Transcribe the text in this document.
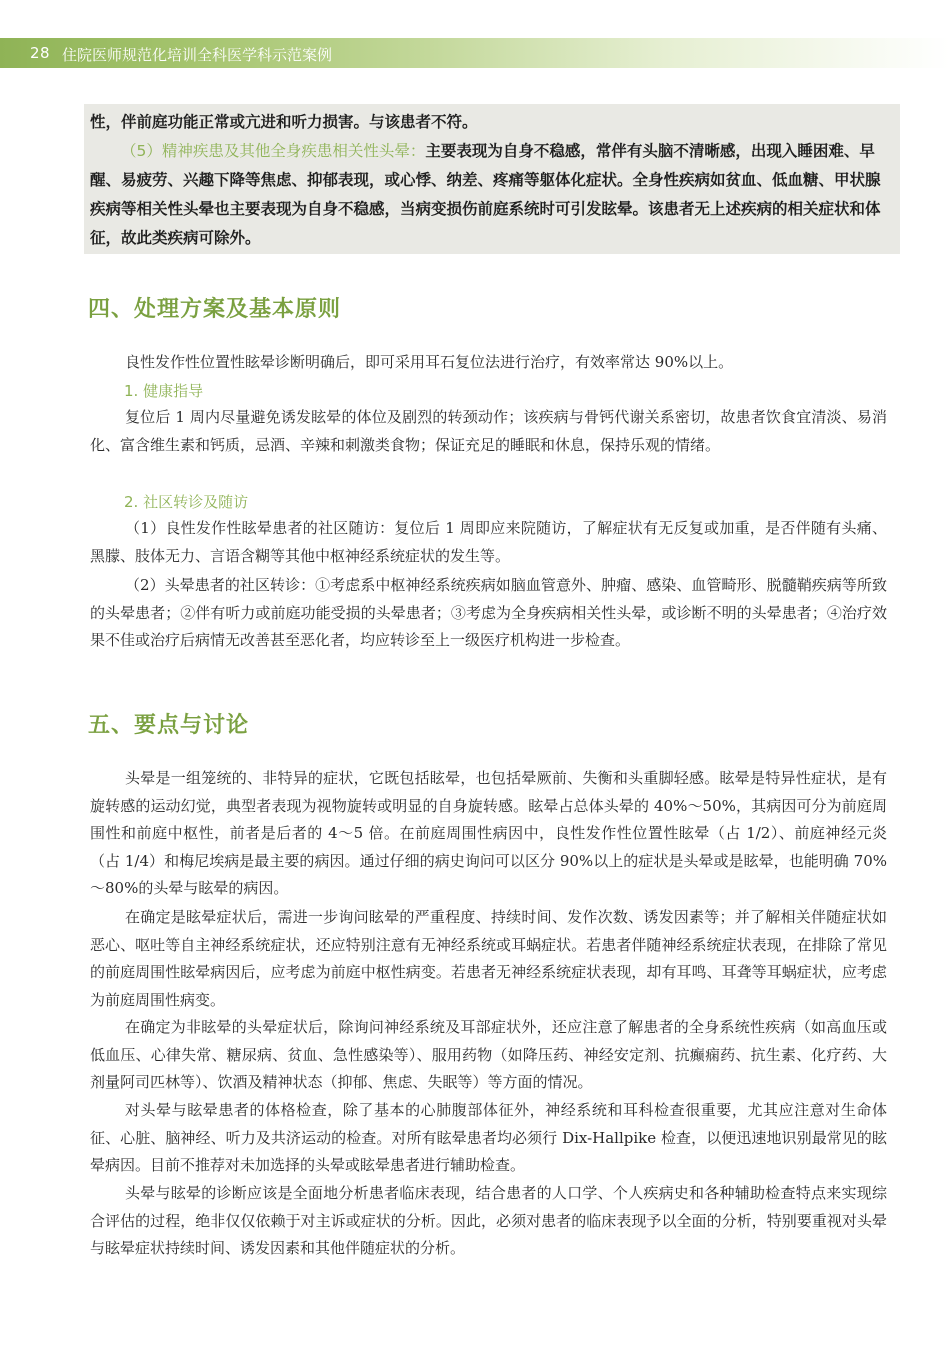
28 住院医师规范化培训全科医学科示范案例

性，伴前庭功能正常或亢进和听力损害。与该患者不符。

（5）精神疾患及其他全身疾患相关性头晕：主要表现为自身不稳感，常伴有头脑不清晰感，出现入睡困难、早醒、易疲劳、兴趣下降等焦虑、抑郁表现，或心悸、纳差、疼痛等躯体化症状。全身性疾病如贫血、低血糖、甲状腺疾病等相关性头晕也主要表现为自身不稳感，当病变损伤前庭系统时可引发眩晕。该患者无上述疾病的相关症状和体征，故此类疾病可除外。

四、处理方案及基本原则

良性发作性位置性眩晕诊断明确后，即可采用耳石复位法进行治疗，有效率常达 90%以上。

1. 健康指导

复位后 1 周内尽量避免诱发眩晕的体位及剧烈的转颈动作；该疾病与骨钙代谢关系密切，故患者饮食宜清淡、易消化、富含维生素和钙质，忌酒、辛辣和刺激类食物；保证充足的睡眠和休息，保持乐观的情绪。

2. 社区转诊及随访

（1）良性发作性眩晕患者的社区随访：复位后 1 周即应来院随访，了解症状有无反复或加重，是否伴随有头痛、黑朦、肢体无力、言语含糊等其他中枢神经系统症状的发生等。

（2）头晕患者的社区转诊：①考虑系中枢神经系统疾病如脑血管意外、肿瘤、感染、血管畸形、脱髓鞘疾病等所致的头晕患者；②伴有听力或前庭功能受损的头晕患者；③考虑为全身疾病相关性头晕，或诊断不明的头晕患者；④治疗效果不佳或治疗后病情无改善甚至恶化者，均应转诊至上一级医疗机构进一步检查。

五、要点与讨论

头晕是一组笼统的、非特异的症状，它既包括眩晕，也包括晕厥前、失衡和头重脚轻感。眩晕是特异性症状，是有旋转感的运动幻觉，典型者表现为视物旋转或明显的自身旋转感。眩晕占总体头晕的 40%～50%，其病因可分为前庭周围性和前庭中枢性，前者是后者的 4～5 倍。在前庭周围性病因中，良性发作性位置性眩晕（占 1/2）、前庭神经元炎（占 1/4）和梅尼埃病是最主要的病因。通过仔细的病史询问可以区分 90%以上的症状是头晕或是眩晕，也能明确 70%～80%的头晕与眩晕的病因。

在确定是眩晕症状后，需进一步询问眩晕的严重程度、持续时间、发作次数、诱发因素等；并了解相关伴随症状如恶心、呕吐等自主神经系统症状，还应特别注意有无神经系统或耳蜗症状。若患者伴随神经系统症状表现，在排除了常见的前庭周围性眩晕病因后，应考虑为前庭中枢性病变。若患者无神经系统症状表现，却有耳鸣、耳聋等耳蜗症状，应考虑为前庭周围性病变。

在确定为非眩晕的头晕症状后，除询问神经系统及耳部症状外，还应注意了解患者的全身系统性疾病（如高血压或低血压、心律失常、糖尿病、贫血、急性感染等）、服用药物（如降压药、神经安定剂、抗癫痫药、抗生素、化疗药、大剂量阿司匹林等）、饮酒及精神状态（抑郁、焦虑、失眠等）等方面的情况。

对头晕与眩晕患者的体格检查，除了基本的心肺腹部体征外，神经系统和耳科检查很重要，尤其应注意对生命体征、心脏、脑神经、听力及共济运动的检查。对所有眩晕患者均必须行 Dix-Hallpike 检查，以便迅速地识别最常见的眩晕病因。目前不推荐对未加选择的头晕或眩晕患者进行辅助检查。

头晕与眩晕的诊断应该是全面地分析患者临床表现，结合患者的人口学、个人疾病史和各种辅助检查特点来实现综合评估的过程，绝非仅仅依赖于对主诉或症状的分析。因此，必须对患者的临床表现予以全面的分析，特别要重视对头晕与眩晕症状持续时间、诱发因素和其他伴随症状的分析。
